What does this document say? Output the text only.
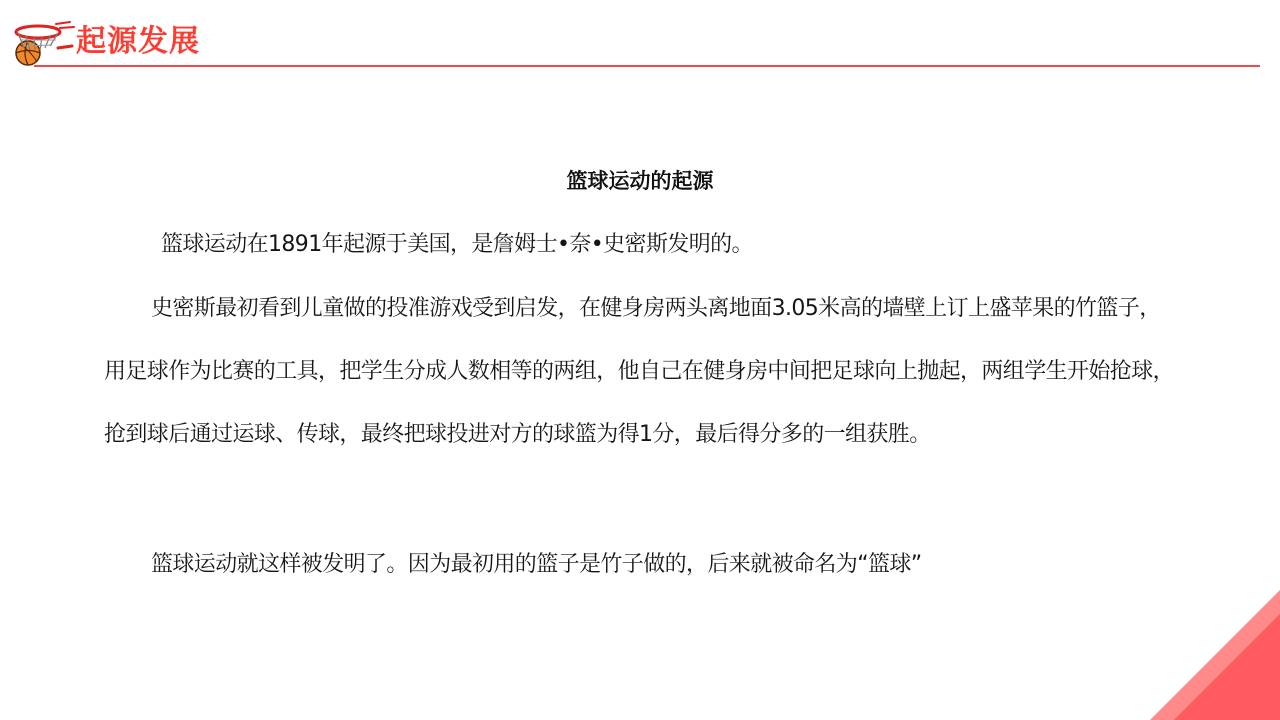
起源发展
篮球运动的起源

篮球运动在1891年起源于美国，是詹姆士•奈•史密斯发明的。

史密斯最初看到儿童做的投准游戏受到启发，在健身房两头离地面3.05米高的墙壁上订上盛苹果的竹篮子，用足球作为比赛的工具，把学生分成人数相等的两组，他自己在健身房中间把足球向上抛起，两组学生开始抢球，抢到球后通过运球、传球，最终把球投进对方的球篮为得1分，最后得分多的一组获胜。

篮球运动就这样被发明了。因为最初用的篮子是竹子做的，后来就被命名为“篮球”
